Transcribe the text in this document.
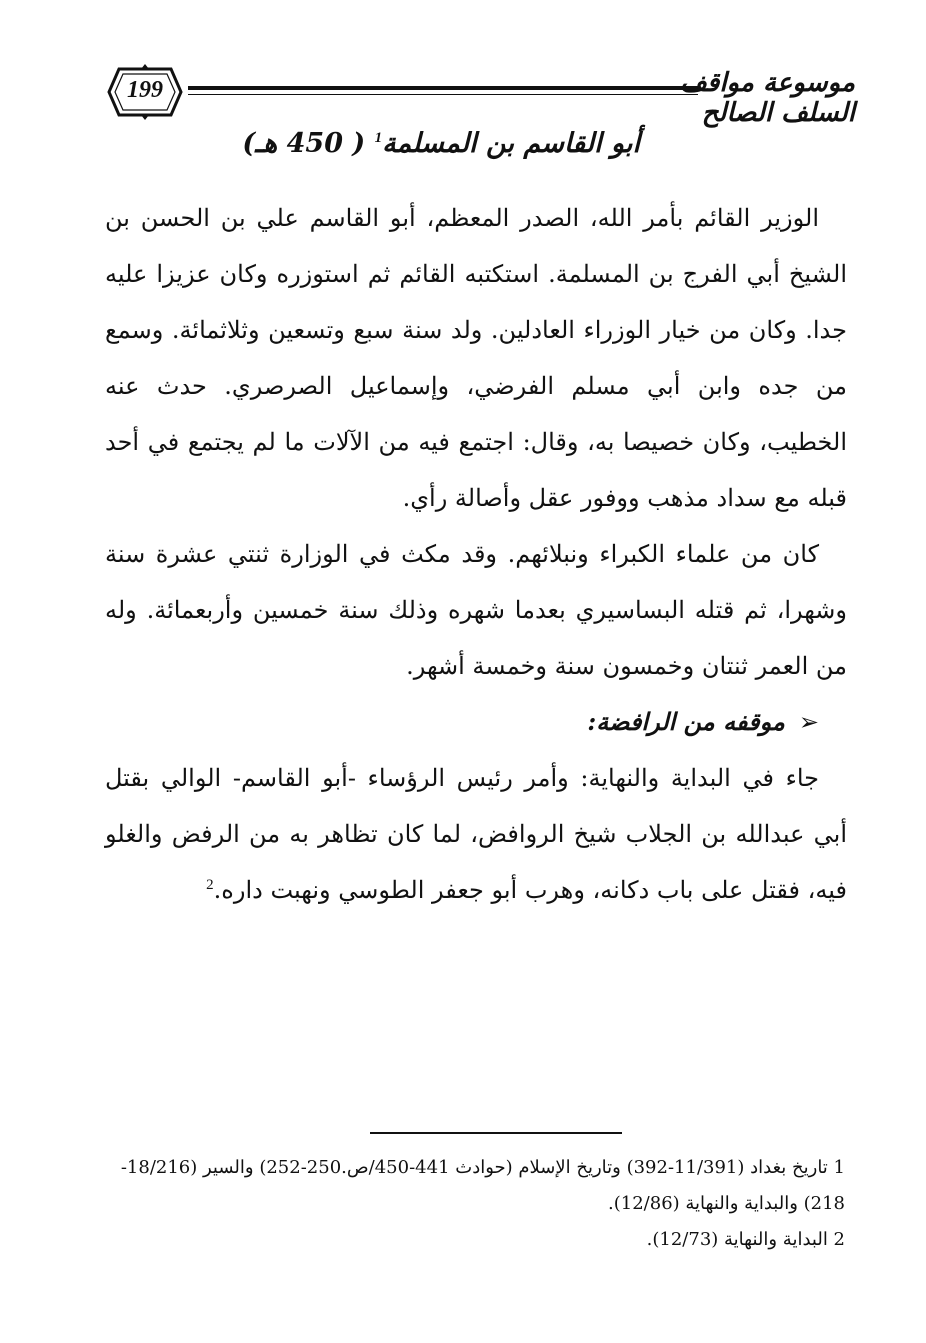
199	موسوعة مواقف السلف الصالح
أبو القاسم بن المسلمة$^1$ ( 450 هـ)

الوزير القائم بأمر الله، الصدر المعظم، أبو القاسم علي بن الحسن بن الشيخ أبي الفرج بن المسلمة. استكتبه القائم ثم استوزره وكان عزيزا عليه جدا. وكان من خيار الوزراء العادلين. ولد سنة سبع وتسعين وثلاثمائة. وسمع من جده وابن أبي مسلم الفرضي، وإسماعيل الصرصري. حدث عنه الخطيب، وكان خصيصا به، وقال: اجتمع فيه من الآلات ما لم يجتمع في أحد قبله مع سداد مذهب ووفور عقل وأصالة رأي.

كان من علماء الكبراء ونبلائهم. وقد مكث في الوزارة ثنتي عشرة سنة وشهرا، ثم قتله البساسيري بعدما شهره وذلك سنة خمسين وأربعمائة. وله من العمر ثنتان وخمسون سنة وخمسة أشهر.

➢موقفه من الرافضة:

جاء في البداية والنهاية: وأمر رئيس الرؤساء -أبو القاسم- الوالي بقتل أبي عبدالله بن الجلاب شيخ الروافض، لما كان تظاهر به من الرفض والغلو فيه، فقتل على باب دكانه، وهرب أبو جعفر الطوسي ونهبت داره.$^2$

1 تاريخ بغداد (11/391-392) وتاريخ الإسلام (حوادث 441-450/ص.250-252) والسير (18/216-218) والبداية والنهاية (12/86).

2 البداية والنهاية (12/73).
